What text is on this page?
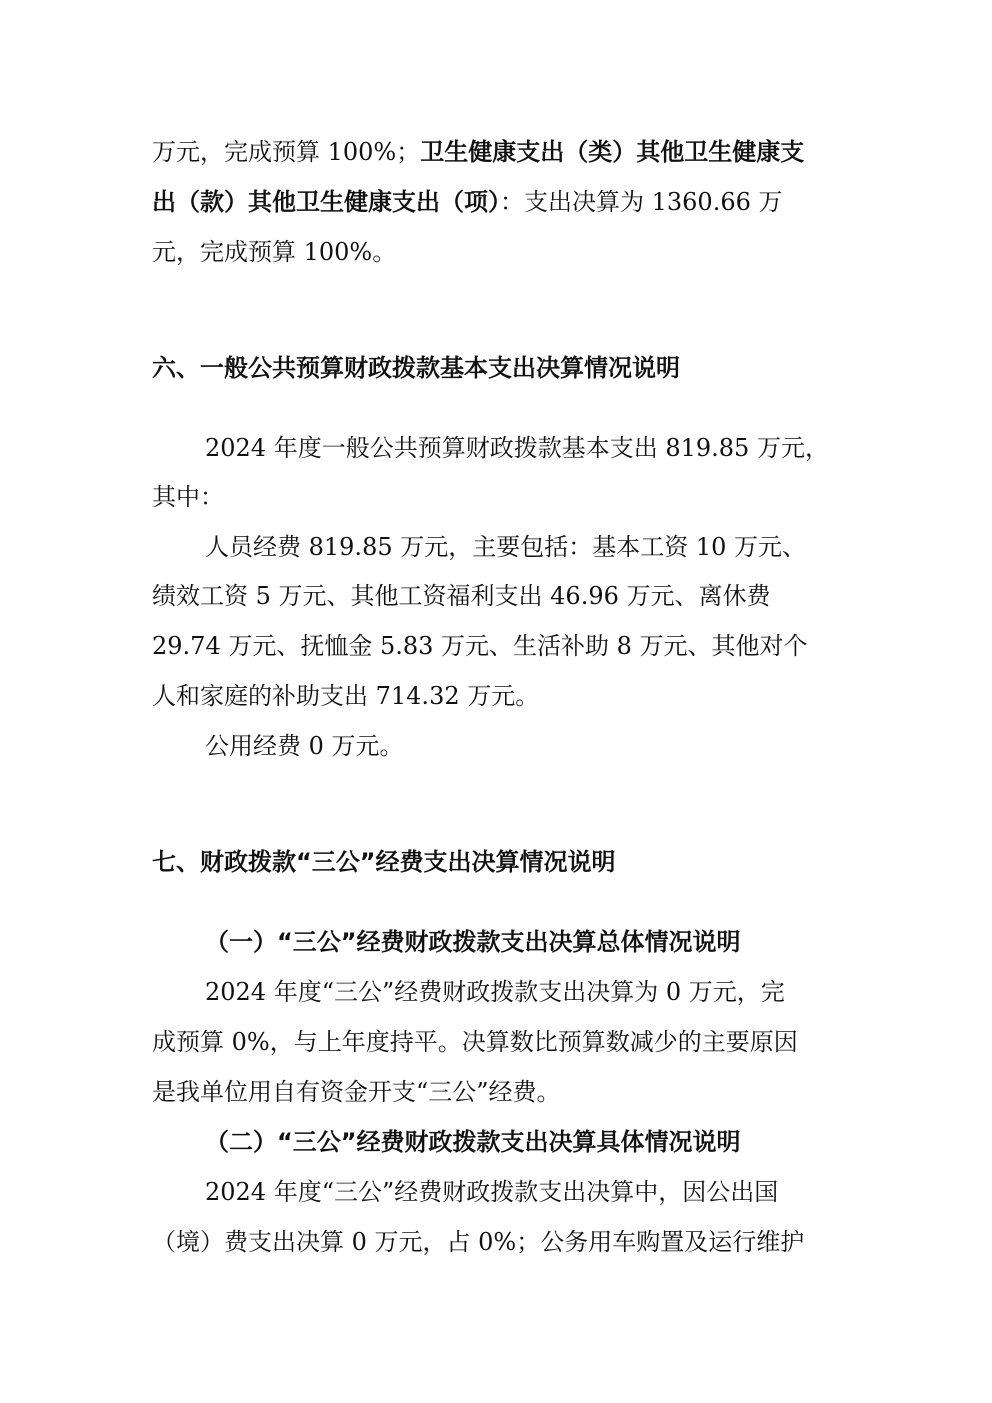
万元，完成预算 100%；卫生健康支出（类）其他卫生健康支
出（款）其他卫生健康支出（项）：支出决算为 1360.66 万
元，完成预算 100%。
六、一般公共预算财政拨款基本支出决算情况说明
2024 年度一般公共预算财政拨款基本支出 819.85 万元，
其中：
人员经费 819.85 万元，主要包括：基本工资 10 万元、
绩效工资 5 万元、其他工资福利支出 46.96 万元、离休费
29.74 万元、抚恤金 5.83 万元、生活补助 8 万元、其他对个
人和家庭的补助支出 714.32 万元。
公用经费 0 万元。
七、财政拨款“三公”经费支出决算情况说明
（一）“三公”经费财政拨款支出决算总体情况说明
2024 年度“三公”经费财政拨款支出决算为 0 万元，完
成预算 0%，与上年度持平。决算数比预算数减少的主要原因
是我单位用自有资金开支“三公”经费。
（二）“三公”经费财政拨款支出决算具体情况说明
2024 年度“三公”经费财政拨款支出决算中，因公出国
（境）费支出决算 0 万元，占 0%；公务用车购置及运行维护
